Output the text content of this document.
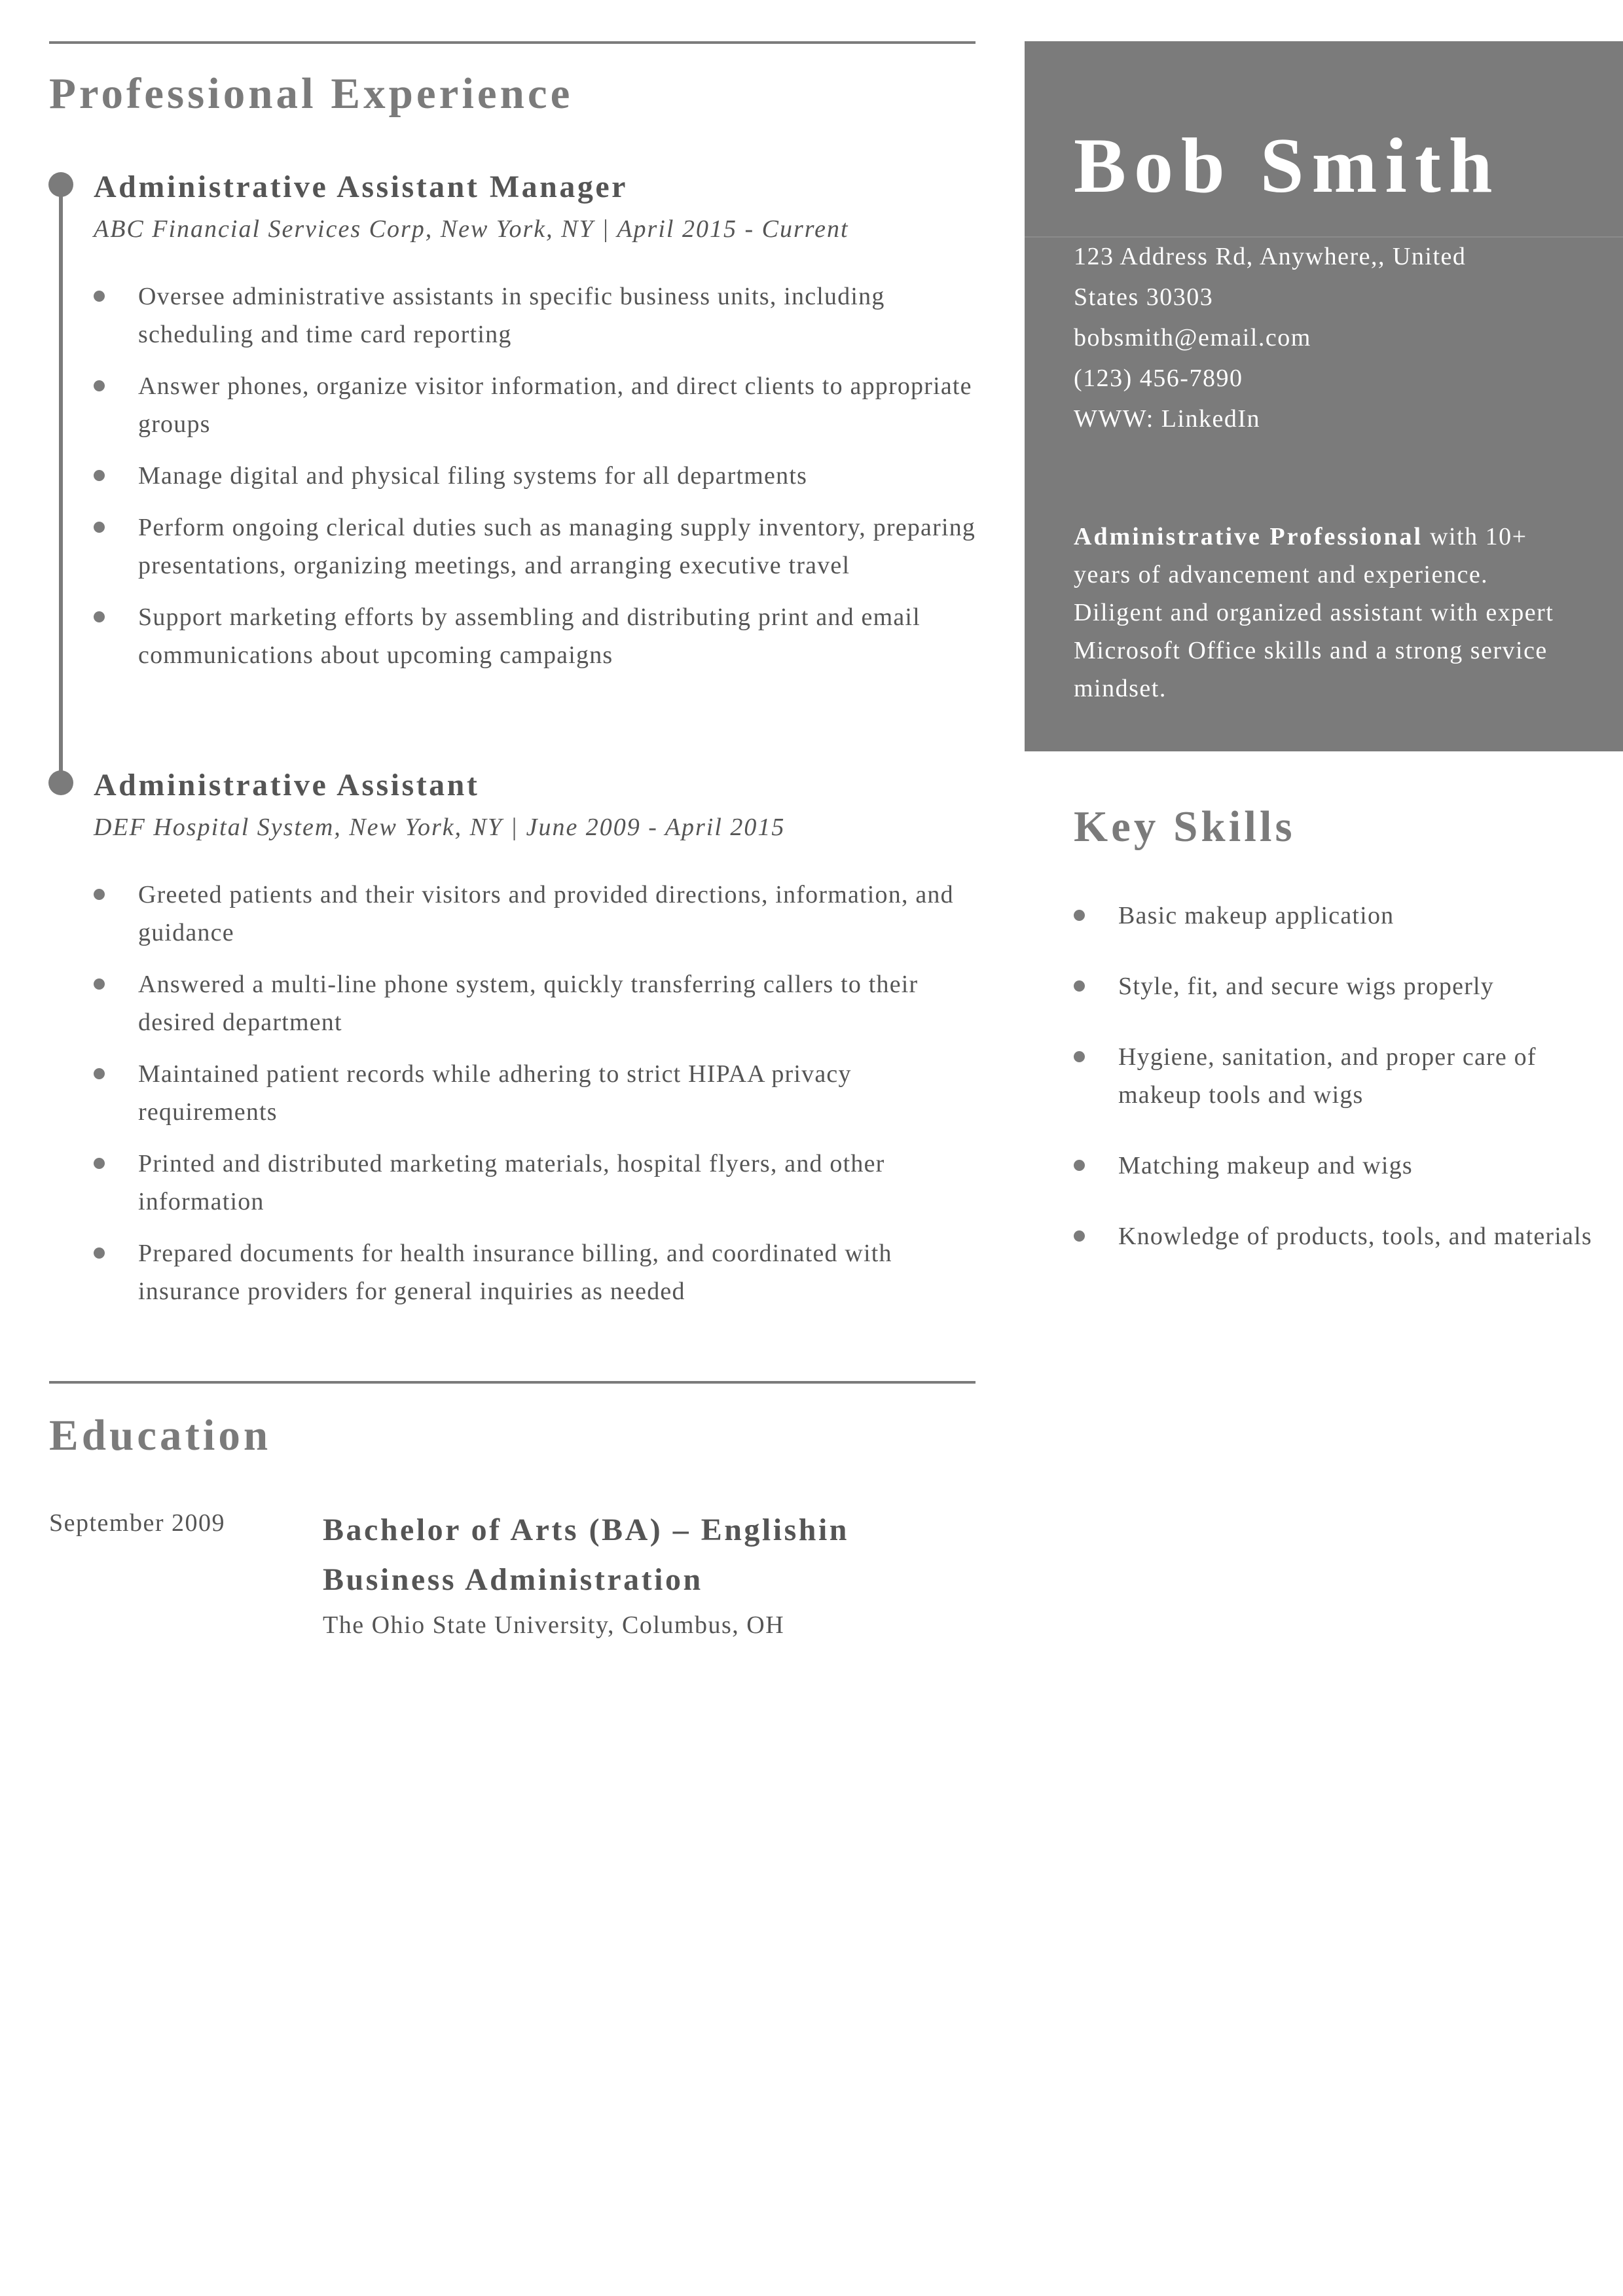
Professional Experience
Administrative Assistant Manager
ABC Financial Services Corp, New York, NY | April 2015 - Current
Oversee administrative assistants in specific business units, including scheduling and time card reporting
Answer phones, organize visitor information, and direct clients to appropriate groups
Manage digital and physical filing systems for all departments
Perform ongoing clerical duties such as managing supply inventory, preparing presentations, organizing meetings, and arranging executive travel
Support marketing efforts by assembling and distributing print and email communications about upcoming campaigns
Administrative Assistant
DEF Hospital System, New York, NY | June 2009 - April 2015
Greeted patients and their visitors and provided directions, information, and guidance
Answered a multi-line phone system, quickly transferring callers to their desired department
Maintained patient records while adhering to strict HIPAA privacy requirements
Printed and distributed marketing materials, hospital flyers, and other information
Prepared documents for health insurance billing, and coordinated with insurance providers for general inquiries as needed
Bob Smith
123 Address Rd, Anywhere,, United
States 30303
bobsmith@email.com
(123) 456-7890
WWW: LinkedIn

Administrative Professional with 10+ years of advancement and experience. Diligent and organized assistant with expert Microsoft Office skills and a strong service mindset.

Key Skills
Basic makeup application
Style, fit, and secure wigs properly
Hygiene, sanitation, and proper care of makeup tools and wigs
Matching makeup and wigs
Knowledge of products, tools, and materials
Education
September 2009	Bachelor of Arts (BA) – Englishin Business Administration
The Ohio State University, Columbus, OH
